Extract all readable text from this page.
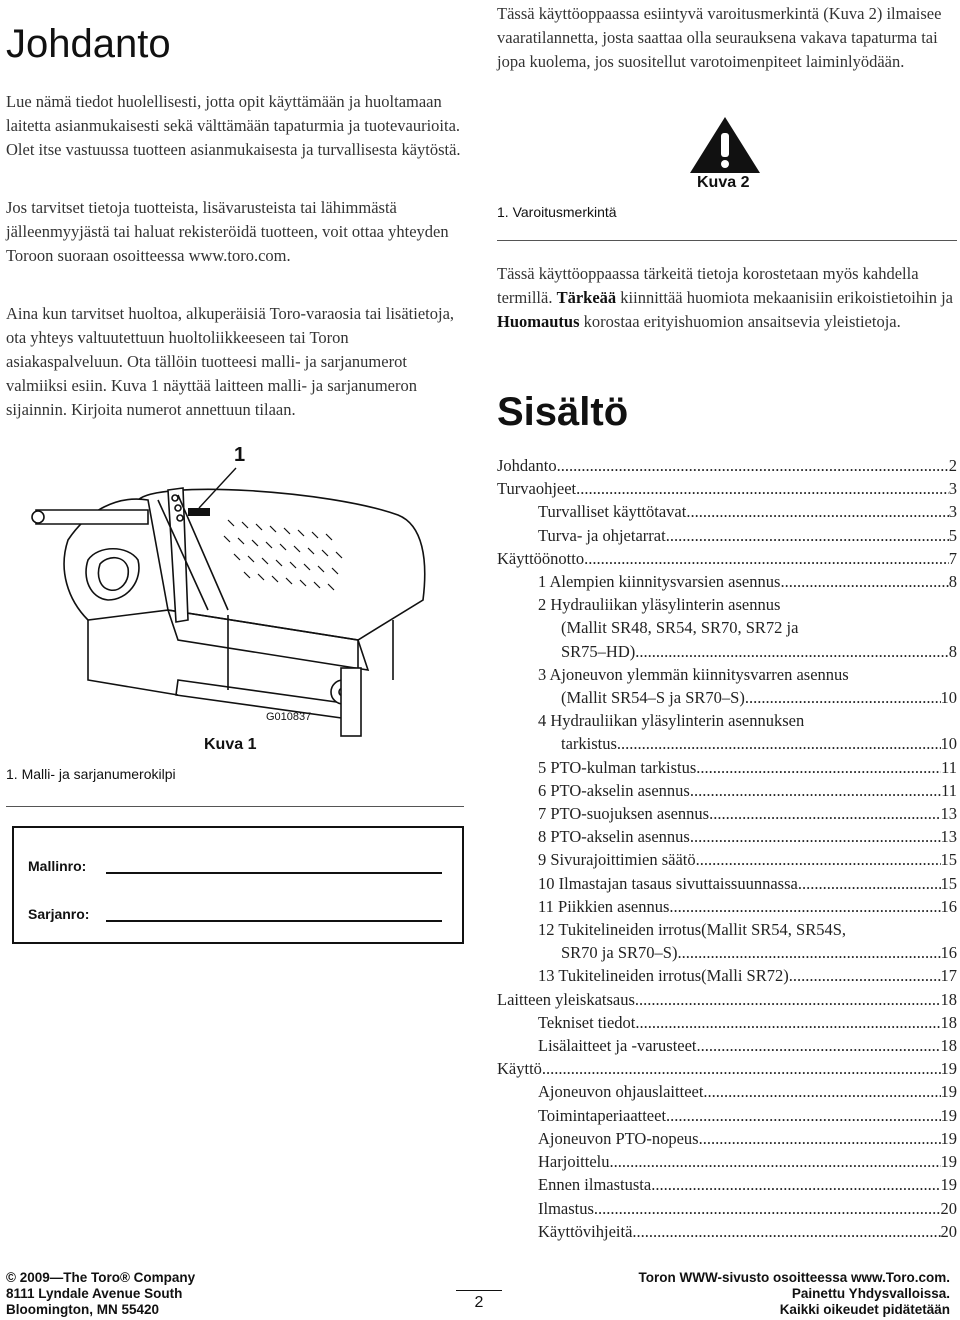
Johdanto
Lue nämä tiedot huolellisesti, jotta opit käyttämään ja huoltamaan laitetta asianmukaisesti sekä välttämään tapaturmia ja tuotevaurioita. Olet itse vastuussa tuotteen asianmukaisesta ja turvallisesta käytöstä.
Jos tarvitset tietoja tuotteista, lisävarusteista tai lähimmästä jälleenmyyjästä tai haluat rekisteröidä tuotteen, voit ottaa yhteyden Toroon suoraan osoitteessa www.toro.com.
Aina kun tarvitset huoltoa, alkuperäisiä Toro-varaosia tai lisätietoja, ota yhteys valtuutettuun huoltoliikkeeseen tai Toron asiakaspalveluun. Ota tällöin tuotteesi malli- ja sarjanumerot valmiiksi esiin. Kuva 1 näyttää laitteen malli- ja sarjanumeron sijainnin. Kirjoita numerot annettuun tilaan.
1
G010837
Kuva 1
1. Malli- ja sarjanumerokilpi
Mallinro:
Sarjanro:
Tässä käyttöoppaassa esiintyvä varoitusmerkintä (Kuva 2) ilmaisee vaaratilannetta, josta saattaa olla seurauksena vakava tapaturma tai jopa kuolema, jos suositellut varotoimenpiteet laiminlyödään.
Kuva 2
1. Varoitusmerkintä
Tässä käyttöoppaassa tärkeitä tietoja korostetaan myös kahdella termillä. Tärkeää kiinnittää huomiota mekaanisiin erikoistietoihin ja Huomautus korostaa erityishuomion ansaitsevia yleistietoja.
Sisältö
Johdanto .....	2
Turvaohjeet .....	3
Turvalliset käyttötavat .....	3
Turva- ja ohjetarrat .....	5
Käyttöönotto .....	7
1 Alempien kiinnitysvarsien asennus .....	8
2 Hydrauliikan yläsylinterin asennus
(Mallit SR48, SR54, SR70, SR72 ja
SR75–HD) .....	8
3 Ajoneuvon ylemmän kiinnitysvarren asennus
(Mallit SR54–S ja SR70–S) .....	10
4 Hydrauliikan yläsylinterin asennuksen
tarkistus .....	10
5 PTO-kulman tarkistus .....	11
6 PTO-akselin asennus .....	11
7 PTO-suojuksen asennus .....	13
8 PTO-akselin asennus .....	13
9 Sivurajoittimien säätö .....	15
10 Ilmastajan tasaus sivuttaissuunnassa .....	15
11 Piikkien asennus .....	16
12 Tukitelineiden irrotus(Mallit SR54, SR54S,
SR70 ja SR70–S) .....	16
13 Tukitelineiden irrotus(Malli SR72) .....	17
Laitteen yleiskatsaus .....	18
Tekniset tiedot .....	18
Lisälaitteet ja -varusteet .....	18
Käyttö .....	19
Ajoneuvon ohjauslaitteet .....	19
Toimintaperiaatteet .....	19
Ajoneuvon PTO-nopeus .....	19
Harjoittelu .....	19
Ennen ilmastusta .....	19
Ilmastus .....	20
Käyttövihjeitä .....	20
© 2009—The Toro® Company
8111 Lyndale Avenue South
Bloomington, MN 55420	2
Toron WWW-sivusto osoitteessa www.Toro.com.
Painettu Yhdysvalloissa.
Kaikki oikeudet pidätetään
